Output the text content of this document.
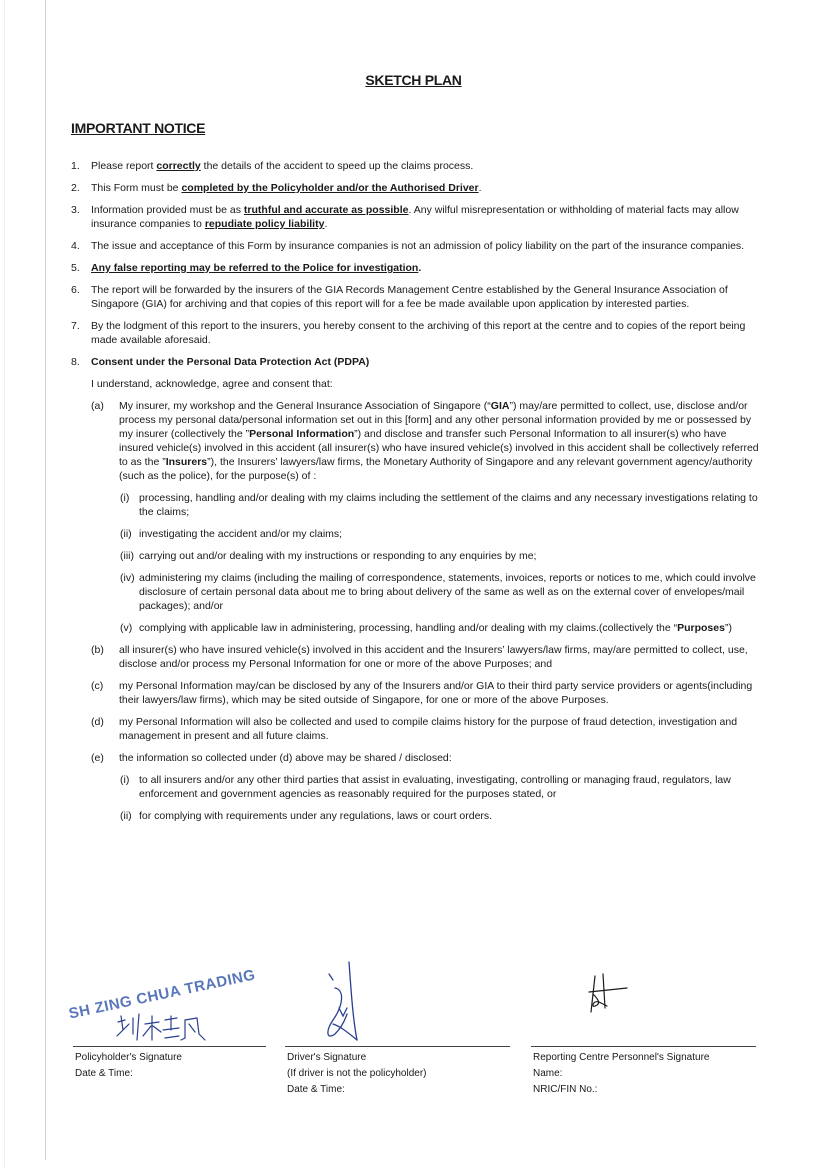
SKETCH PLAN
IMPORTANT NOTICE
1. Please report correctly the details of the accident to speed up the claims process.
2. This Form must be completed by the Policyholder and/or the Authorised Driver.
3. Information provided must be as truthful and accurate as possible. Any wilful misrepresentation or withholding of material facts may allow insurance companies to repudiate policy liability.
4. The issue and acceptance of this Form by insurance companies is not an admission of policy liability on the part of the insurance companies.
5. Any false reporting may be referred to the Police for investigation.
6. The report will be forwarded by the insurers of the GIA Records Management Centre established by the General Insurance Association of Singapore (GIA) for archiving and that copies of this report will for a fee be made available upon application by interested parties.
7. By the lodgment of this report to the insurers, you hereby consent to the archiving of this report at the centre and to copies of the report being made available aforesaid.
8. Consent under the Personal Data Protection Act (PDPA)
I understand, acknowledge, agree and consent that:
(a) My insurer, my workshop and the General Insurance Association of Singapore (“GIA”) may/are permitted to collect, use, disclose and/or process my personal data/personal information set out in this [form] and any other personal information provided by me or possessed by my insurer (collectively the ”Personal Information”) and disclose and transfer such Personal Information to all insurer(s) who have insured vehicle(s) involved in this accident (all insurer(s) who have insured vehicle(s) involved in this accident shall be collectively referred to as the ”Insurers”), the Insurers’ lawyers/law firms, the Monetary Authority of Singapore and any relevant government agency/authority (such as the police), for the purpose(s) of :
(i) processing, handling and/or dealing with my claims including the settlement of the claims and any necessary investigations relating to the claims;
(ii) investigating the accident and/or my claims;
(iii) carrying out and/or dealing with my instructions or responding to any enquiries by me;
(iv) administering my claims (including the mailing of correspondence, statements, invoices, reports or notices to me, which could involve disclosure of certain personal data about me to bring about delivery of the same as well as on the external cover of envelopes/mail packages); and/or
(v) complying with applicable law in administering, processing, handling and/or dealing with my claims.(collectively the “Purposes”)
(b) all insurer(s) who have insured vehicle(s) involved in this accident and the Insurers’ lawyers/law firms, may/are permitted to collect, use, disclose and/or process my Personal Information for one or more of the above Purposes; and
(c) my Personal Information may/can be disclosed by any of the Insurers and/or GIA to their third party service providers or agents(including their lawyers/law firms), which may be sited outside of Singapore, for one or more of the above Purposes.
(d) my Personal Information will also be collected and used to compile claims history for the purpose of fraud detection, investigation and management in present and all future claims.
(e) the information so collected under (d) above may be shared / disclosed:
(i) to all insurers and/or any other third parties that assist in evaluating, investigating, controlling or managing fraud, regulators, law enforcement and government agencies as reasonably required for the purposes stated, or
(ii) for complying with requirements under any regulations, laws or court orders.
SH ZING CHUA TRADING
Policyholder's Signature
Date & Time:
Driver's Signature
(If driver is not the policyholder)
Date & Time:
Reporting Centre Personnel's Signature
Name:
NRIC/FIN No.:
